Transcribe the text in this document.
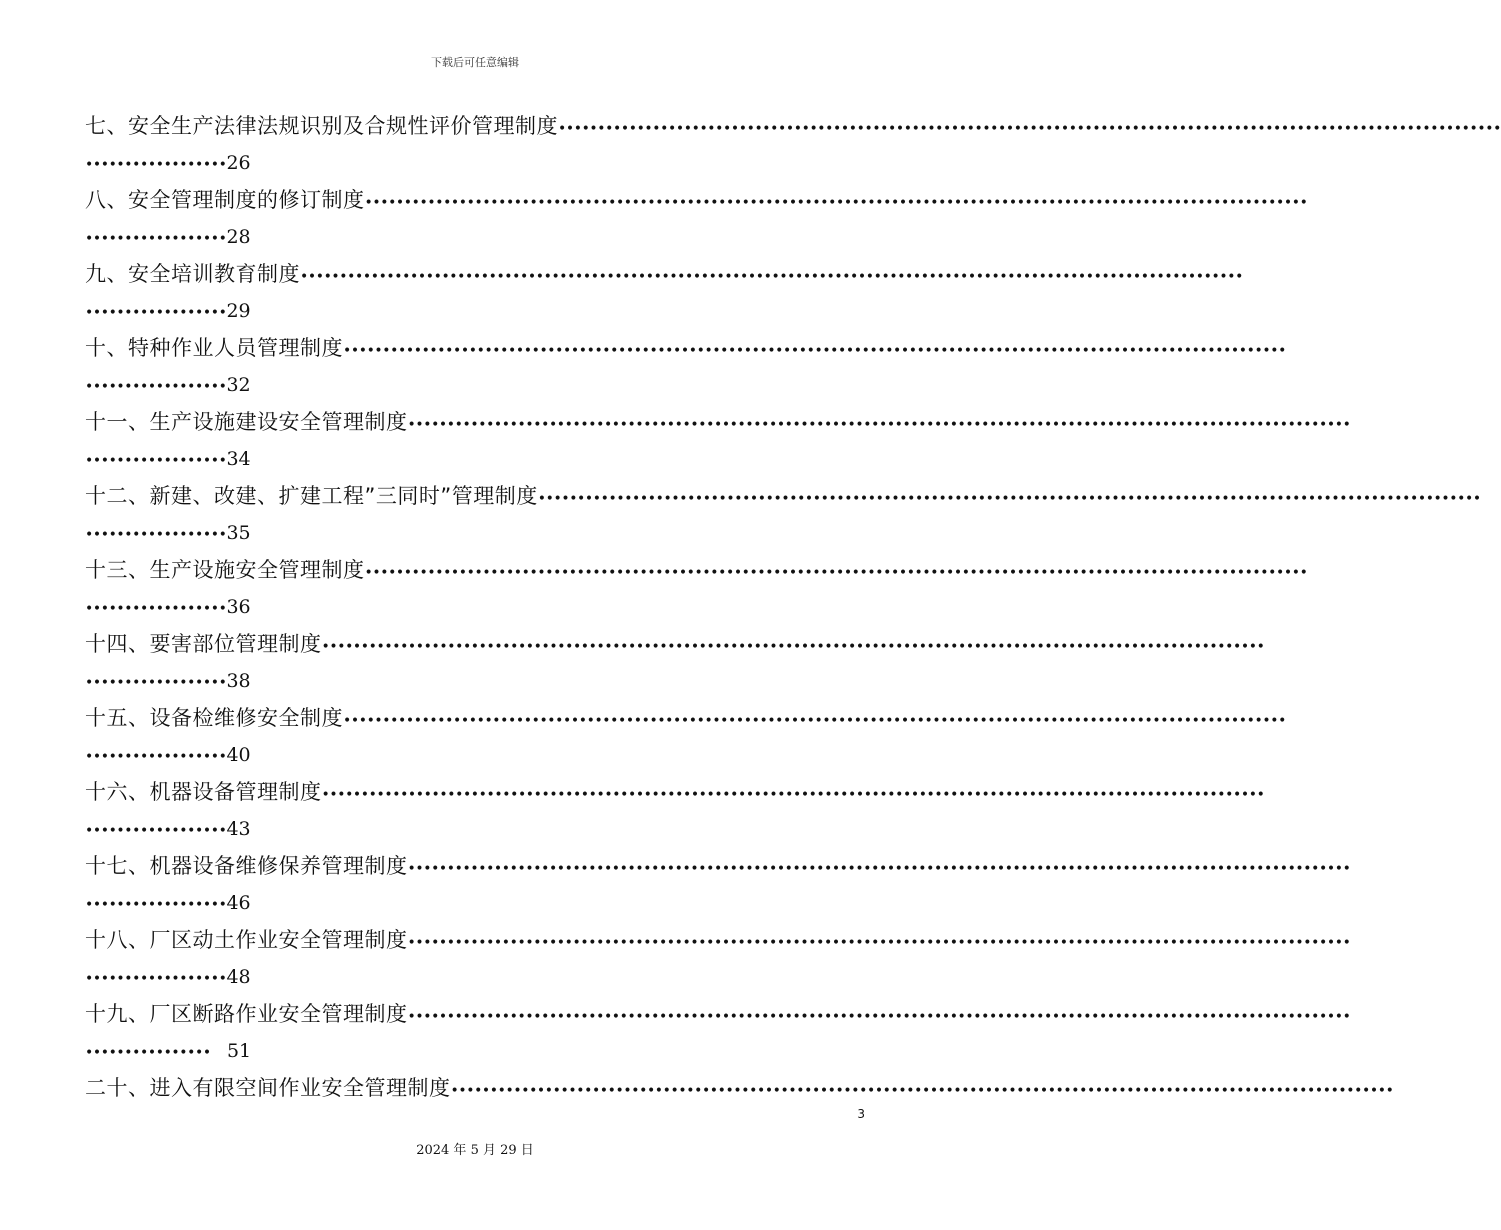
下载后可任意编辑
七、安全生产法律法规识别及合规性评价管理制度 ••••••••••••••••••••••••••••••••••••••••••••••••••••••••••••••••••••••••••••••••••••••••••••••••••••••••••••••••••••••••
••••••••••••••••••26
八、安全管理制度的修订制度 ••••••••••••••••••••••••••••••••••••••••••••••••••••••••••••••••••••••••••••••••••••••••••••••••••••••••••••••••••••••••
••••••••••••••••••28
九、安全培训教育制度 ••••••••••••••••••••••••••••••••••••••••••••••••••••••••••••••••••••••••••••••••••••••••••••••••••••••••••••••••••••••••
••••••••••••••••••29
十、特种作业人员管理制度 ••••••••••••••••••••••••••••••••••••••••••••••••••••••••••••••••••••••••••••••••••••••••••••••••••••••••••••••••••••••••
••••••••••••••••••32
十一、生产设施建设安全管理制度 ••••••••••••••••••••••••••••••••••••••••••••••••••••••••••••••••••••••••••••••••••••••••••••••••••••••••••••••••••••••••
••••••••••••••••••34
十二、新建、改建、扩建工程”三同时”管理制度 ••••••••••••••••••••••••••••••••••••••••••••••••••••••••••••••••••••••••••••••••••••••••••••••••••••••••••••••••••••••••
••••••••••••••••••35
十三、生产设施安全管理制度 ••••••••••••••••••••••••••••••••••••••••••••••••••••••••••••••••••••••••••••••••••••••••••••••••••••••••••••••••••••••••
••••••••••••••••••36
十四、要害部位管理制度 ••••••••••••••••••••••••••••••••••••••••••••••••••••••••••••••••••••••••••••••••••••••••••••••••••••••••••••••••••••••••
••••••••••••••••••38
十五、设备检维修安全制度 ••••••••••••••••••••••••••••••••••••••••••••••••••••••••••••••••••••••••••••••••••••••••••••••••••••••••••••••••••••••••
••••••••••••••••••40
十六、机器设备管理制度 ••••••••••••••••••••••••••••••••••••••••••••••••••••••••••••••••••••••••••••••••••••••••••••••••••••••••••••••••••••••••
••••••••••••••••••43
十七、机器设备维修保养管理制度 ••••••••••••••••••••••••••••••••••••••••••••••••••••••••••••••••••••••••••••••••••••••••••••••••••••••••••••••••••••••••
••••••••••••••••••46
十八、厂区动土作业安全管理制度 ••••••••••••••••••••••••••••••••••••••••••••••••••••••••••••••••••••••••••••••••••••••••••••••••••••••••••••••••••••••••
••••••••••••••••••48
十九、厂区断路作业安全管理制度 ••••••••••••••••••••••••••••••••••••••••••••••••••••••••••••••••••••••••••••••••••••••••••••••••••••••••••••••••••••••••
••••••••••••••••    51
二十、进入有限空间作业安全管理制度 ••••••••••••••••••••••••••••••••••••••••••••••••••••••••••••••••••••••••••••••••••••••••••••••••••••••••••••••••••••••••
3
2024 年 5 月 29 日
